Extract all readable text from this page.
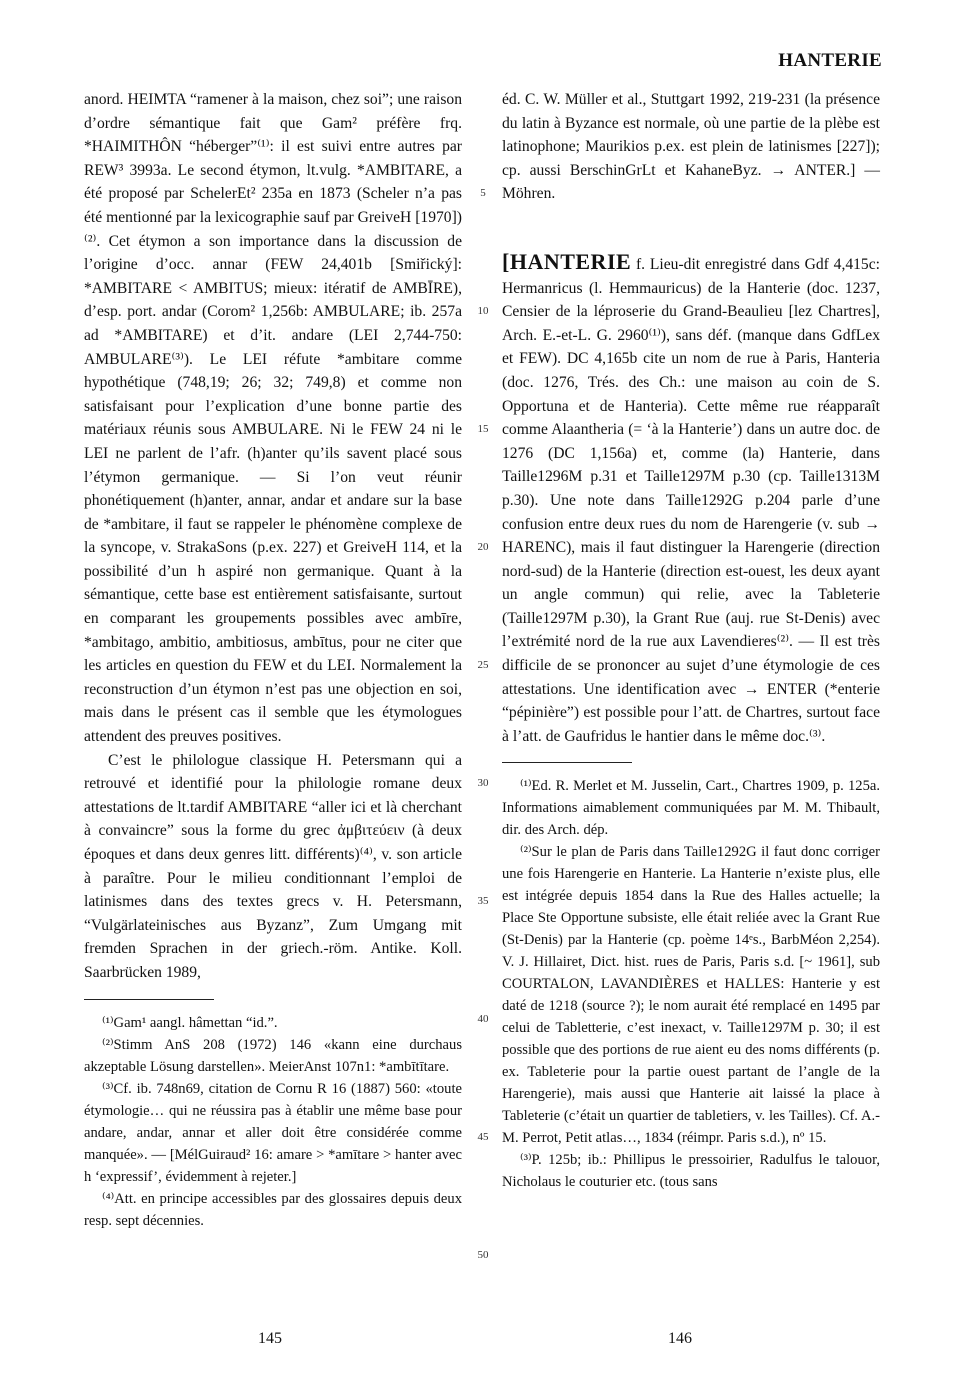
HANTERIE

anord. HEIMTA “ramener à la maison, chez soi”; une raison d’ordre sémantique fait que Gam² préfère frq. *HAIMITHÔN “héberger”⁽¹⁾: il est suivi entre autres par REW³ 3993a. Le second étymon, lt.vulg. *AMBITARE, a été proposé par SchelerEt² 235a en 1873 (Scheler n’a pas été mentionné par la lexicographie sauf par GreiveH [1970])⁽²⁾. Cet étymon a son importance dans la discussion de l’origine d’occ. annar (FEW 24,401b [Smiřický]: *AMBITARE < AMBITUS; mieux: itératif de AMBĪRE), d’esp. port. andar (Corom² 1,256b: AMBULARE; ib. 257a ad *AMBITARE) et d’it. andare (LEI 2,744-750: AMBULARE⁽³⁾). Le LEI réfute *ambitare comme hypothétique (748,19; 26; 32; 749,8) et comme non satisfaisant pour l’explication d’une bonne partie des matériaux réunis sous AMBULARE. Ni le FEW 24 ni le LEI ne parlent de l’afr. (h)anter qu’ils savent placé sous l’étymon germanique. — Si l’on veut réunir phonétiquement (h)anter, annar, andar et andare sur la base de *ambitare, il faut se rappeler le phénomène complexe de la syncope, v. StrakaSons (p.ex. 227) et GreiveH 114, et la possibilité d’un h aspiré non germanique. Quant à la sémantique, cette base est entièrement satisfaisante, surtout en comparant les groupements possibles avec ambīre, *ambitago, ambitio, ambitiosus, ambītus, pour ne citer que les articles en question du FEW et du LEI. Normalement la reconstruction d’un étymon n’est pas une objection en soi, mais dans le présent cas il semble que les étymologues attendent des preuves positives.

C’est le philologue classique H. Petersmann qui a retrouvé et identifié pour la philologie romane deux attestations de lt.tardif AMBITARE “aller ici et là cherchant à convaincre” sous la forme du grec ἀμβιτεύειν (à deux époques et dans deux genres litt. différents)⁽⁴⁾, v. son article à paraître. Pour le milieu conditionnant l’emploi de latinismes dans des textes grecs v. H. Petersmann, “Vulgärlateinisches aus Byzanz”, Zum Umgang mit fremden Sprachen in der griech.-röm. Antike. Koll. Saarbrücken 1989,

⁽¹⁾Gam¹ aangl. hâmettan “id.”.

⁽²⁾Stimm AnS 208 (1972) 146 «kann eine durchaus akzeptable Lösung darstellen». MeierAnst 107n1: *ambītītare.

⁽³⁾Cf. ib. 748n69, citation de Cornu R 16 (1887) 560: «toute étymologie… qui ne réussira pas à établir une même base pour andare, andar, annar et aller doit être considérée comme manquée». — [MélGuiraud² 16: amare > *amītare > hanter avec h ‘expressif’, évidemment à rejeter.]

⁽⁴⁾Att. en principe accessibles par des glossaires depuis deux resp. sept décennies.

5
10
15
20
25
30
35
40
45
50

éd. C. W. Müller et al., Stuttgart 1992, 219-231 (la présence du latin à Byzance est normale, où une partie de la plèbe est latinophone; Maurikios p.ex. est plein de latinismes [227]); cp. aussi BerschinGrLt et KahaneByz. → ANTER.] — Möhren.

[HANTERIE f. Lieu-dit enregistré dans Gdf 4,415c: Hermanricus (l. Hemmauricus) de la Hanterie (doc. 1237, Censier de la léproserie du Grand-Beaulieu [lez Chartres], Arch. E.-et-L. G. 2960⁽¹⁾), sans déf. (manque dans GdfLex et FEW). DC 4,165b cite un nom de rue à Paris, Hanteria (doc. 1276, Trés. des Ch.: une maison au coin de S. Opportuna et de Hanteria). Cette même rue réapparaît comme Alaantheria (= ‘à la Hanterie’) dans un autre doc. de 1276 (DC 1,156a) et, comme (la) Hanterie, dans Taille1296M p.31 et Taille1297M p.30 (cp. Taille1313M p.30). Une note dans Taille1292G p.204 parle d’une confusion entre deux rues du nom de Harengerie (v. sub → HARENC), mais il faut distinguer la Harengerie (direction nord-sud) de la Hanterie (direction est-ouest, les deux ayant un angle commun) qui relie, avec la Tableterie (Taille1297M p.30), la Grant Rue (auj. rue St-Denis) avec l’extrémité nord de la rue aux Lavendieres⁽²⁾. — Il est très difficile de se prononcer au sujet d’une étymologie de ces attestations. Une identification avec → ENTER (*enterie “pépinière”) est possible pour l’att. de Chartres, surtout face à l’att. de Gaufridus le hantier dans le même doc.⁽³⁾.

⁽¹⁾Ed. R. Merlet et M. Jusselin, Cart., Chartres 1909, p. 125a. Informations aimablement communiquées par M. M. Thibault, dir. des Arch. dép.

⁽²⁾Sur le plan de Paris dans Taille1292G il faut donc corriger une fois Harengerie en Hanterie. La Hanterie n’existe plus, elle est intégrée depuis 1854 dans la Rue des Halles actuelle; la Place Ste Opportune subsiste, elle était reliée avec la Grant Rue (St-Denis) par la Hanterie (cp. poème 14ᵉs., BarbMéon 2,254). V. J. Hillairet, Dict. hist. rues de Paris, Paris s.d. [~ 1961], sub COURTALON, LAVANDIÈRES et HALLES: Hanterie y est daté de 1218 (source ?); le nom aurait été remplacé en 1495 par celui de Tabletterie, c’est inexact, v. Taille1297M p. 30; il est possible que des portions de rue aient eu des noms différents (p. ex. Tableterie pour la partie ouest partant de l’angle de la Harengerie), mais aussi que Hanterie ait laissé la place à Tableterie (c’était un quartier de tabletiers, v. les Tailles). Cf. A.-M. Perrot, Petit atlas…, 1834 (réimpr. Paris s.d.), nº 15.

⁽³⁾P. 125b; ib.: Phillipus le pressoirier, Radulfus le talouor, Nicholaus le couturier etc. (tous sans

145	146
